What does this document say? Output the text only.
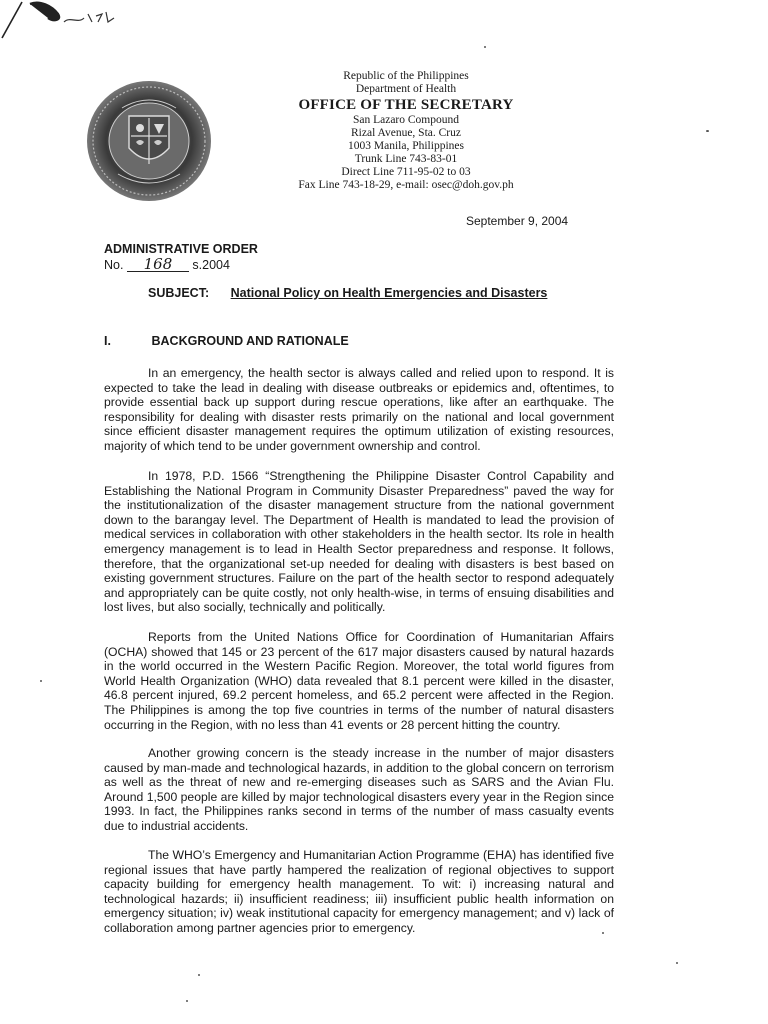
Republic of the Philippines
Department of Health
OFFICE OF THE SECRETARY
San Lazaro Compound
Rizal Avenue, Sta. Cruz
1003 Manila, Philippines
Trunk Line 743-83-01
Direct Line 711-95-02 to 03
Fax Line 743-18-29, e-mail: osec@doh.gov.ph
September 9, 2004
ADMINISTRATIVE ORDER
No. 168 s.2004
SUBJECT: National Policy on Health Emergencies and Disasters
I.	BACKGROUND AND RATIONALE

In an emergency, the health sector is always called and relied upon to respond. It is expected to take the lead in dealing with disease outbreaks or epidemics and, oftentimes, to provide essential back up support during rescue operations, like after an earthquake. The responsibility for dealing with disaster rests primarily on the national and local government since efficient disaster management requires the optimum utilization of existing resources, majority of which tend to be under government ownership and control.

In 1978, P.D. 1566 “Strengthening the Philippine Disaster Control Capability and Establishing the National Program in Community Disaster Preparedness” paved the way for the institutionalization of the disaster management structure from the national government down to the barangay level. The Department of Health is mandated to lead the provision of medical services in collaboration with other stakeholders in the health sector. Its role in health emergency management is to lead in Health Sector preparedness and response. It follows, therefore, that the organizational set-up needed for dealing with disasters is best based on existing government structures. Failure on the part of the health sector to respond adequately and appropriately can be quite costly, not only health-wise, in terms of ensuing disabilities and lost lives, but also socially, technically and politically.

Reports from the United Nations Office for Coordination of Humanitarian Affairs (OCHA) showed that 145 or 23 percent of the 617 major disasters caused by natural hazards in the world occurred in the Western Pacific Region. Moreover, the total world figures from World Health Organization (WHO) data revealed that 8.1 percent were killed in the disaster, 46.8 percent injured, 69.2 percent homeless, and 65.2 percent were affected in the Region. The Philippines is among the top five countries in terms of the number of natural disasters occurring in the Region, with no less than 41 events or 28 percent hitting the country.

Another growing concern is the steady increase in the number of major disasters caused by man-made and technological hazards, in addition to the global concern on terrorism as well as the threat of new and re-emerging diseases such as SARS and the Avian Flu. Around 1,500 people are killed by major technological disasters every year in the Region since 1993. In fact, the Philippines ranks second in terms of the number of mass casualty events due to industrial accidents.

The WHO’s Emergency and Humanitarian Action Programme (EHA) has identified five regional issues that have partly hampered the realization of regional objectives to support capacity building for emergency health management. To wit: i) increasing natural and technological hazards; ii) insufficient readiness; iii) insufficient public health information on emergency situation; iv) weak institutional capacity for emergency management; and v) lack of collaboration among partner agencies prior to emergency.
